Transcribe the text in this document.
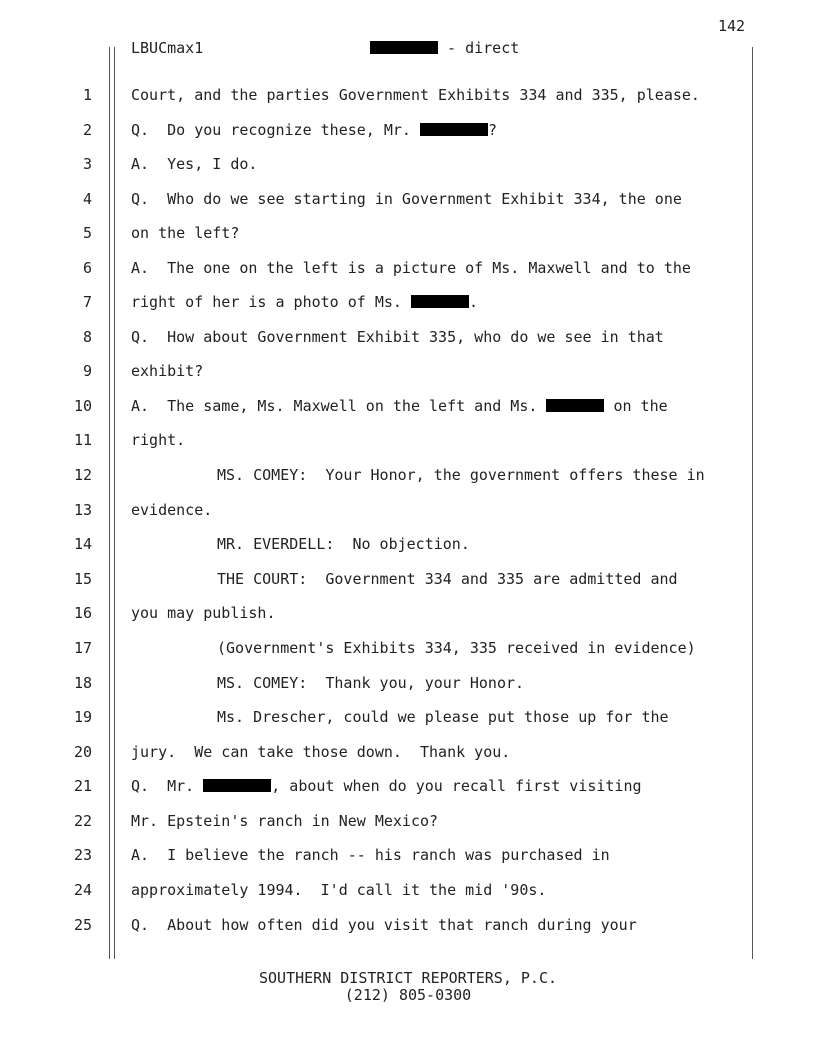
142
LBUCmax1	- direct
1	Court, and the parties Government Exhibits 334 and 335, please.
2	Q.  Do you recognize these, Mr.	?
3	A.  Yes, I do.
4	Q.  Who do we see starting in Government Exhibit 334, the one
5	on the left?
6	A.  The one on the left is a picture of Ms. Maxwell and to the
7	right of her is a photo of Ms.	.
8	Q.  How about Government Exhibit 335, who do we see in that
9	exhibit?
10	A.  The same, Ms. Maxwell on the left and Ms.	on the
11	right.
12	MS. COMEY:  Your Honor, the government offers these in
13	evidence.
14	MR. EVERDELL:  No objection.
15	THE COURT:  Government 334 and 335 are admitted and
16	you may publish.
17	(Government's Exhibits 334, 335 received in evidence)
18	MS. COMEY:  Thank you, your Honor.
19	Ms. Drescher, could we please put those up for the
20	jury.  We can take those down.  Thank you.
21	Q.  Mr.	, about when do you recall first visiting
22	Mr. Epstein's ranch in New Mexico?
23	A.  I believe the ranch -- his ranch was purchased in
24	approximately 1994.  I'd call it the mid '90s.
25	Q.  About how often did you visit that ranch during your
SOUTHERN DISTRICT REPORTERS, P.C.
(212) 805-0300
